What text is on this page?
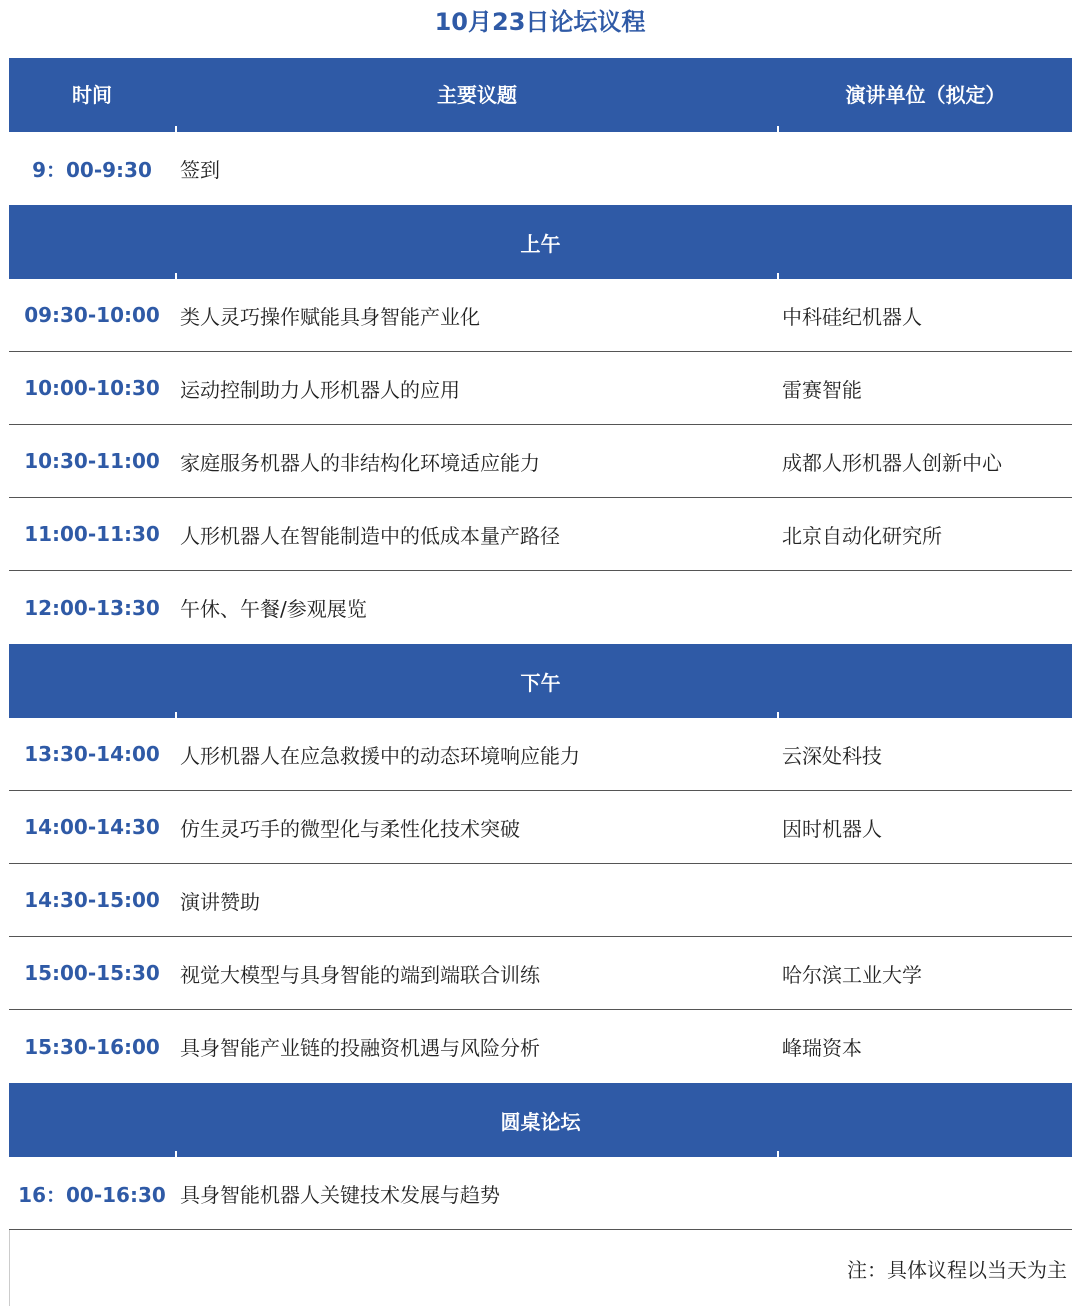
10月23日论坛议程
时间	主要议题	演讲单位（拟定）
9：00-9:30	签到
上午
09:30-10:00	类人灵巧操作赋能具身智能产业化	中科硅纪机器人
10:00-10:30	运动控制助力人形机器人的应用	雷赛智能
10:30-11:00	家庭服务机器人的非结构化环境适应能力	成都人形机器人创新中心
11:00-11:30	人形机器人在智能制造中的低成本量产路径	北京自动化研究所
12:00-13:30	午休、午餐/参观展览
下午
13:30-14:00	人形机器人在应急救援中的动态环境响应能力	云深处科技
14:00-14:30	仿生灵巧手的微型化与柔性化技术突破	因时机器人
14:30-15:00	演讲赞助
15:00-15:30	视觉大模型与具身智能的端到端联合训练	哈尔滨工业大学
15:30-16:00	具身智能产业链的投融资机遇与风险分析	峰瑞资本
圆桌论坛
16：00-16:30 具身智能机器人关键技术发展与趋势
注：具体议程以当天为主
